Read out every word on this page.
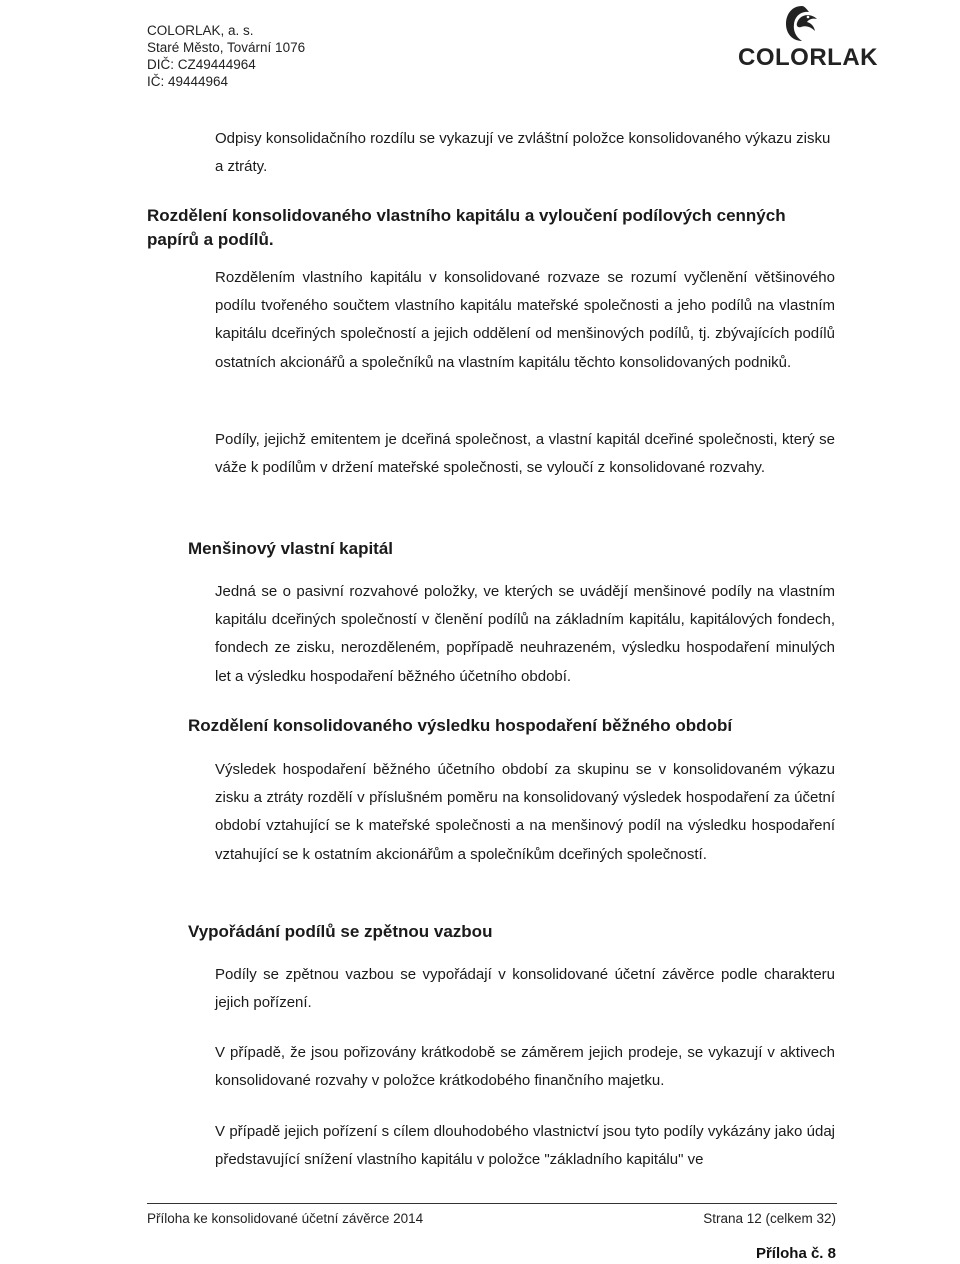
COLORLAK, a. s.
Staré Město, Tovární 1076
DIČ: CZ49444964
IČ: 49444964
COLORLAK

Odpisy konsolidačního rozdílu se vykazují ve zvláštní položce konsolidovaného výkazu zisku a ztráty.

Rozdělení konsolidovaného vlastního kapitálu a vyloučení podílových cenných papírů a podílů.

Rozdělením vlastního kapitálu v konsolidované rozvaze se rozumí vyčlenění většinového podílu tvořeného součtem vlastního kapitálu mateřské společnosti a jeho podílů na vlastním kapitálu dceřiných společností a jejich oddělení od menšinových podílů, tj. zbývajících podílů ostatních akcionářů a společníků na vlastním kapitálu těchto konsolidovaných podniků.

Podíly, jejichž emitentem je dceřiná společnost, a vlastní kapitál dceřiné společnosti, který se váže k podílům v držení mateřské společnosti, se vyloučí z konsolidované rozvahy.

Menšinový vlastní kapitál

Jedná se o pasivní rozvahové položky, ve kterých se uvádějí menšinové podíly na vlastním kapitálu dceřiných společností v členění podílů na základním kapitálu, kapitálových fondech, fondech ze zisku, nerozděleném, popřípadě neuhrazeném, výsledku hospodaření minulých let a výsledku hospodaření běžného účetního období.

Rozdělení konsolidovaného výsledku hospodaření běžného období

Výsledek hospodaření běžného účetního období za skupinu se v konsolidovaném výkazu zisku a ztráty rozdělí v příslušném poměru na konsolidovaný výsledek hospodaření za účetní období vztahující se k mateřské společnosti a na menšinový podíl na výsledku hospodaření vztahující se k ostatním akcionářům a společníkům dceřiných společností.

Vypořádání podílů se zpětnou vazbou

Podíly se zpětnou vazbou se vypořádají v konsolidované účetní závěrce podle charakteru jejich pořízení.

V případě, že jsou pořizovány krátkodobě se záměrem jejich prodeje, se vykazují v aktivech konsolidované rozvahy v položce krátkodobého finančního majetku.

V případě jejich pořízení s cílem dlouhodobého vlastnictví jsou tyto podíly vykázány jako údaj představující snížení vlastního kapitálu v položce "základního kapitálu" ve

Příloha ke konsolidované účetní závěrce 2014	Strana 12 (celkem 32)
Příloha č. 8
